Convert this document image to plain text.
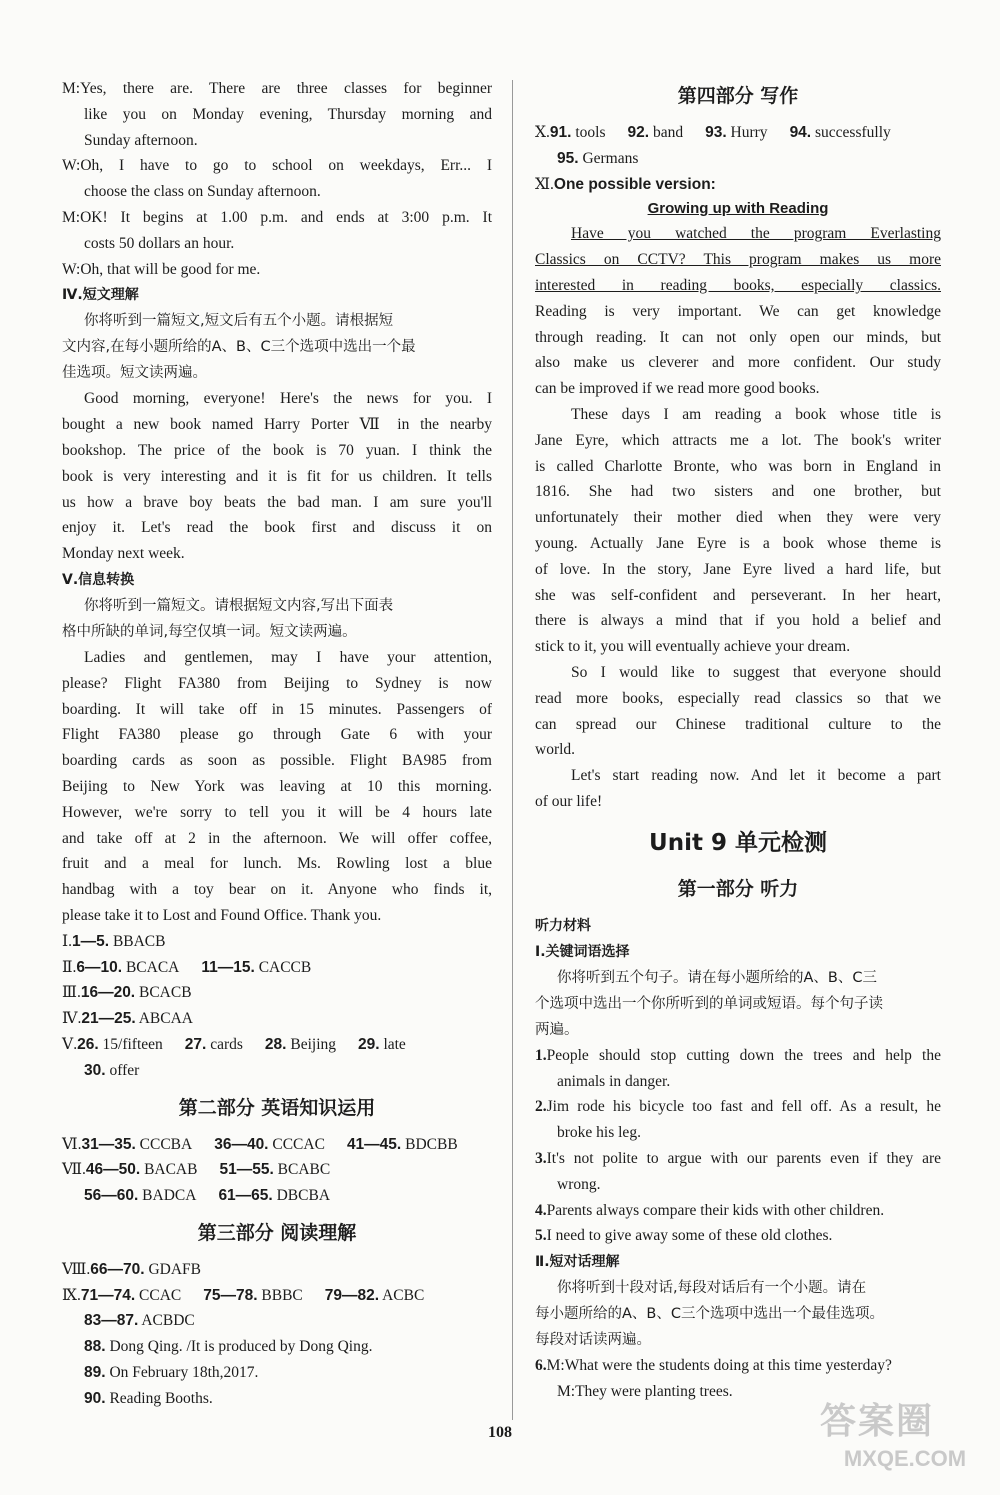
M:Yes, there are. There are three classes for beginner
like you on Monday evening, Thursday morning and
Sunday afternoon.
W:Oh, I have to go to school on weekdays, Err... I
choose the class on Sunday afternoon.
M:OK! It begins at 1.00 p.m. and ends at 3:00 p.m. It
costs 50 dollars an hour.
W:Oh, that will be good for me.
Ⅳ.短文理解
你将听到一篇短文,短文后有五个小题。请根据短
文内容,在每小题所给的A、B、C三个选项中选出一个最
佳选项。短文读两遍。
Good morning, everyone! Here's the news for you. I
bought a new book named Harry Porter Ⅶ in the nearby
bookshop. The price of the book is 70 yuan. I think the
book is very interesting and it is fit for us children. It tells
us how a brave boy beats the bad man. I am sure you'll
enjoy it. Let's read the book first and discuss it on
Monday next week.
Ⅴ.信息转换
你将听到一篇短文。请根据短文内容,写出下面表
格中所缺的单词,每空仅填一词。短文读两遍。
Ladies and gentlemen, may I have your attention,
please? Flight FA380 from Beijing to Sydney is now
boarding. It will take off in 15 minutes. Passengers of
Flight FA380 please go through Gate 6 with your
boarding cards as soon as possible. Flight BA985 from
Beijing to New York was leaving at 10 this morning.
However, we're sorry to tell you it will be 4 hours late
and take off at 2 in the afternoon. We will offer coffee,
fruit and a meal for lunch. Ms. Rowling lost a blue
handbag with a toy bear on it. Anyone who finds it,
please take it to Lost and Found Office. Thank you.
Ⅰ.1—5. BBACB
Ⅱ.6—10. BCACA 11—15. CACCB
Ⅲ.16—20. BCACB
Ⅳ.21—25. ABCAA
Ⅴ.26. 15/fifteen 27. cards 28. Beijing 29. late
30. offer
第二部分 英语知识运用
Ⅵ.31—35. CCCBA 36—40. CCCAC 41—45. BDCBB
Ⅶ.46—50. BACAB 51—55. BCABC
56—60. BADCA 61—65. DBCBA
第三部分 阅读理解
Ⅷ.66—70. GDAFB
Ⅸ.71—74. CCAC 75—78. BBBC 79—82. ACBC
83—87. ACBDC
88. Dong Qing. /It is produced by Dong Qing.
89. On February 18th,2017.
90. Reading Booths.
第四部分 写作
Ⅹ.91. tools 92. band 93. Hurry 94. successfully
95. Germans
Ⅺ.One possible version:
Growing up with Reading
Have you watched the program Everlasting
Classics on CCTV? This program makes us more
interested in reading books, especially classics.
Reading is very important. We can get knowledge
through reading. It can not only open our minds, but
also make us cleverer and more confident. Our study
can be improved if we read more good books.
These days I am reading a book whose title is
Jane Eyre, which attracts me a lot. The book's writer
is called Charlotte Bronte, who was born in England in
1816. She had two sisters and one brother, but
unfortunately their mother died when they were very
young. Actually Jane Eyre is a book whose theme is
of love. In the story, Jane Eyre lived a hard life, but
she was self-confident and perseverant. In her heart,
there is always a mind that if you hold a belief and
stick to it, you will eventually achieve your dream.
So I would like to suggest that everyone should
read more books, especially read classics so that we
can spread our Chinese traditional culture to the
world.
Let's start reading now. And let it become a part
of our life!
Unit 9 单元检测
第一部分 听力
听力材料
Ⅰ.关键词语选择
你将听到五个句子。请在每小题所给的A、B、C三
个选项中选出一个你所听到的单词或短语。每个句子读
两遍。
1.People should stop cutting down the trees and help the
animals in danger.
2.Jim rode his bicycle too fast and fell off. As a result, he
broke his leg.
3.It's not polite to argue with our parents even if they are
wrong.
4.Parents always compare their kids with other children.
5.I need to give away some of these old clothes.
Ⅱ.短对话理解
你将听到十段对话,每段对话后有一个小题。请在
每小题所给的A、B、C三个选项中选出一个最佳选项。
每段对话读两遍。
6.M:What were the students doing at this time yesterday?
M:They were planting trees.
108	答案圈
MXQE.COM
